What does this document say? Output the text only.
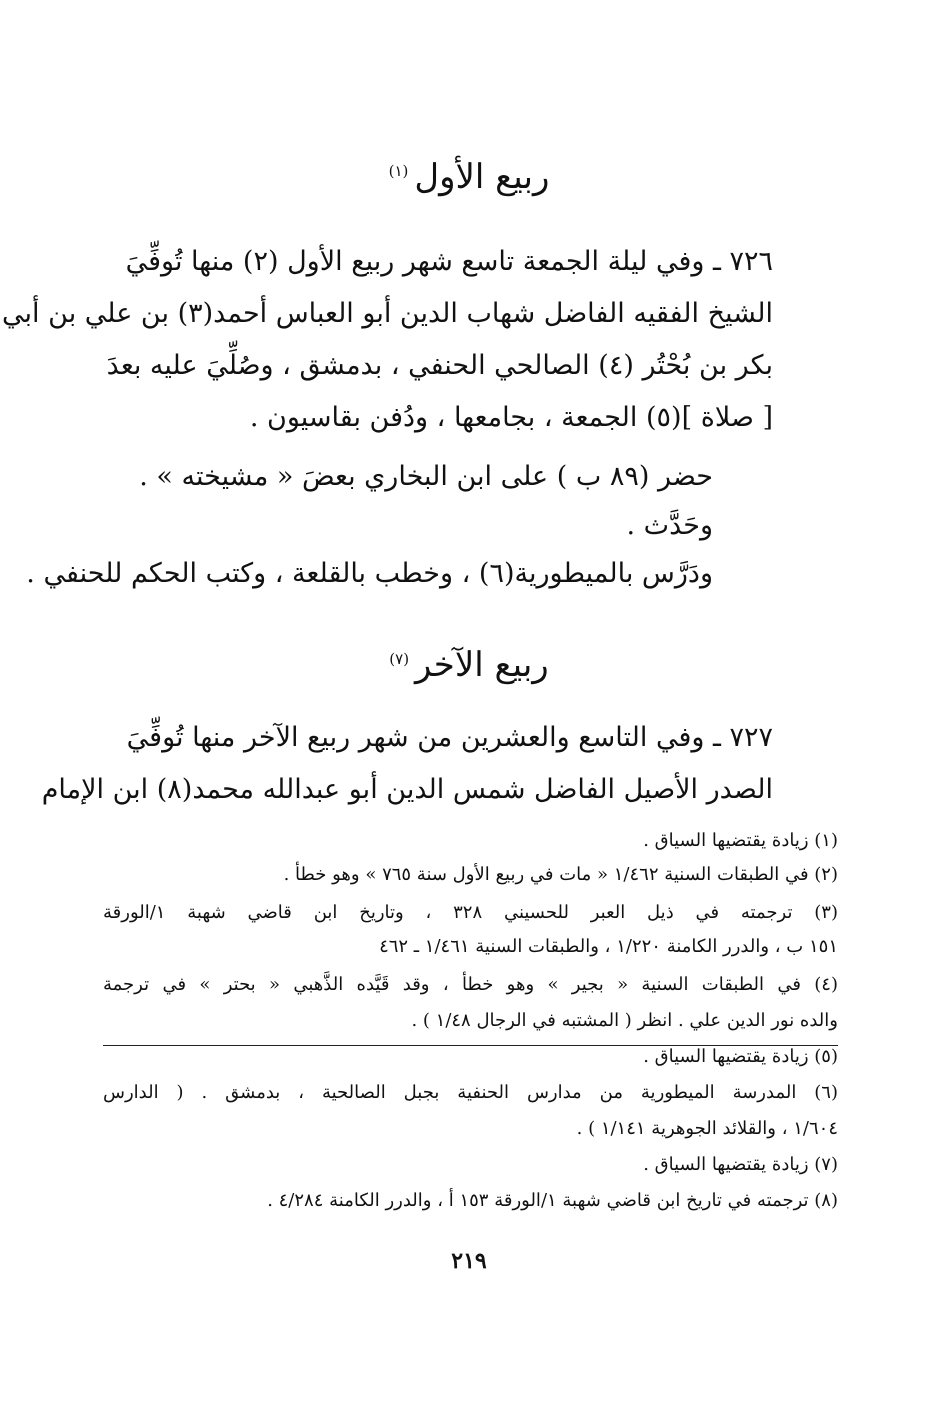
ربيع الأول$^{(١)}$
٧٢٦ ـ وفي ليلة الجمعة تاسع شهر ربيع الأول (٢) منها تُوفِّيَ
الشيخ الفقيه الفاضل شهاب الدين أبو العباس أحمد(٣) بن علي بن أبي
بكر بن بُحْتُر (٤) الصالحي الحنفي ، بدمشق ، وصُلِّيَ عليه بعدَ
[ صلاة ](٥) الجمعة ، بجامعها ، ودُفن بقاسيون .
حضر (٨٩ ب ) على ابن البخاري بعضَ « مشيخته » .
وحَدَّث .
ودَرَّس بالميطورية(٦) ، وخطب بالقلعة ، وكتب الحكم للحنفي .
ربيع الآخر$^{(٧)}$
٧٢٧ ـ وفي التاسع والعشرين من شهر ربيع الآخر منها تُوفِّيَ
الصدر الأصيل الفاضل شمس الدين أبو عبدالله محمد(٨) ابن الإمام
(١) زيادة يقتضيها السياق .
(٢) في الطبقات السنية ١/٤٦٢ « مات في ربيع الأول سنة ٧٦٥ » وهو خطأ .
(٣) ترجمته في ذيل العبر للحسيني ٣٢٨ ، وتاريخ ابن قاضي شهبة ١/الورقة
١٥١ ب ، والدرر الكامنة ١/٢٢٠ ، والطبقات السنية ١/٤٦١ ـ ٤٦٢
(٤) في الطبقات السنية « بجير » وهو خطأ ، وقد قَيَّده الذَّهبي « بحتر » في ترجمة
والده نور الدين علي . انظر ( المشتبه في الرجال ١/٤٨ ) .
(٥) زيادة يقتضيها السياق .
(٦) المدرسة الميطورية من مدارس الحنفية بجبل الصالحية ، بدمشق . ( الدارس
١/٦٠٤ ، والقلائد الجوهرية ١/١٤١ ) .
(٧) زيادة يقتضيها السياق .
(٨) ترجمته في تاريخ ابن قاضي شهبة ١/الورقة ١٥٣ أ ، والدرر الكامنة ٤/٢٨٤ .
٢١٩
